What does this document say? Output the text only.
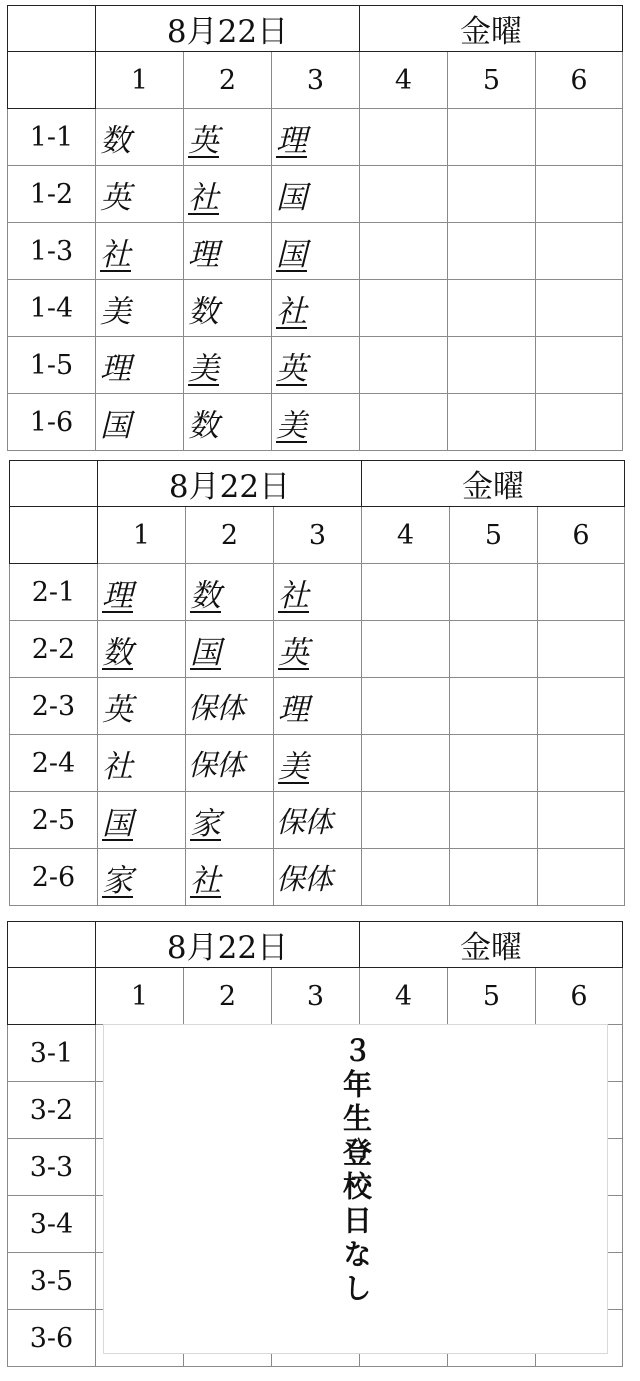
	8月22日			金曜		
	1	2	3	4	5	6
1-1	数	英	理			
1-2	英	社	国			
1-3	社	理	国			
1-4	美	数	社			
1-5	理	美	英			
1-6	国	数	美			
	8月22日			金曜		
	1	2	3	4	5	6
2-1	理	数	社			
2-2	数	国	英			
2-3	英	保体	理			
2-4	社	保体	美			
2-5	国	家	保体			
2-6	家	社	保体			
	8月22日			金曜		
	1	2	3	4	5	6
3-1						
3-2						
3-3						
3-4						
3-5						
3-6						
３年生登校日なし
